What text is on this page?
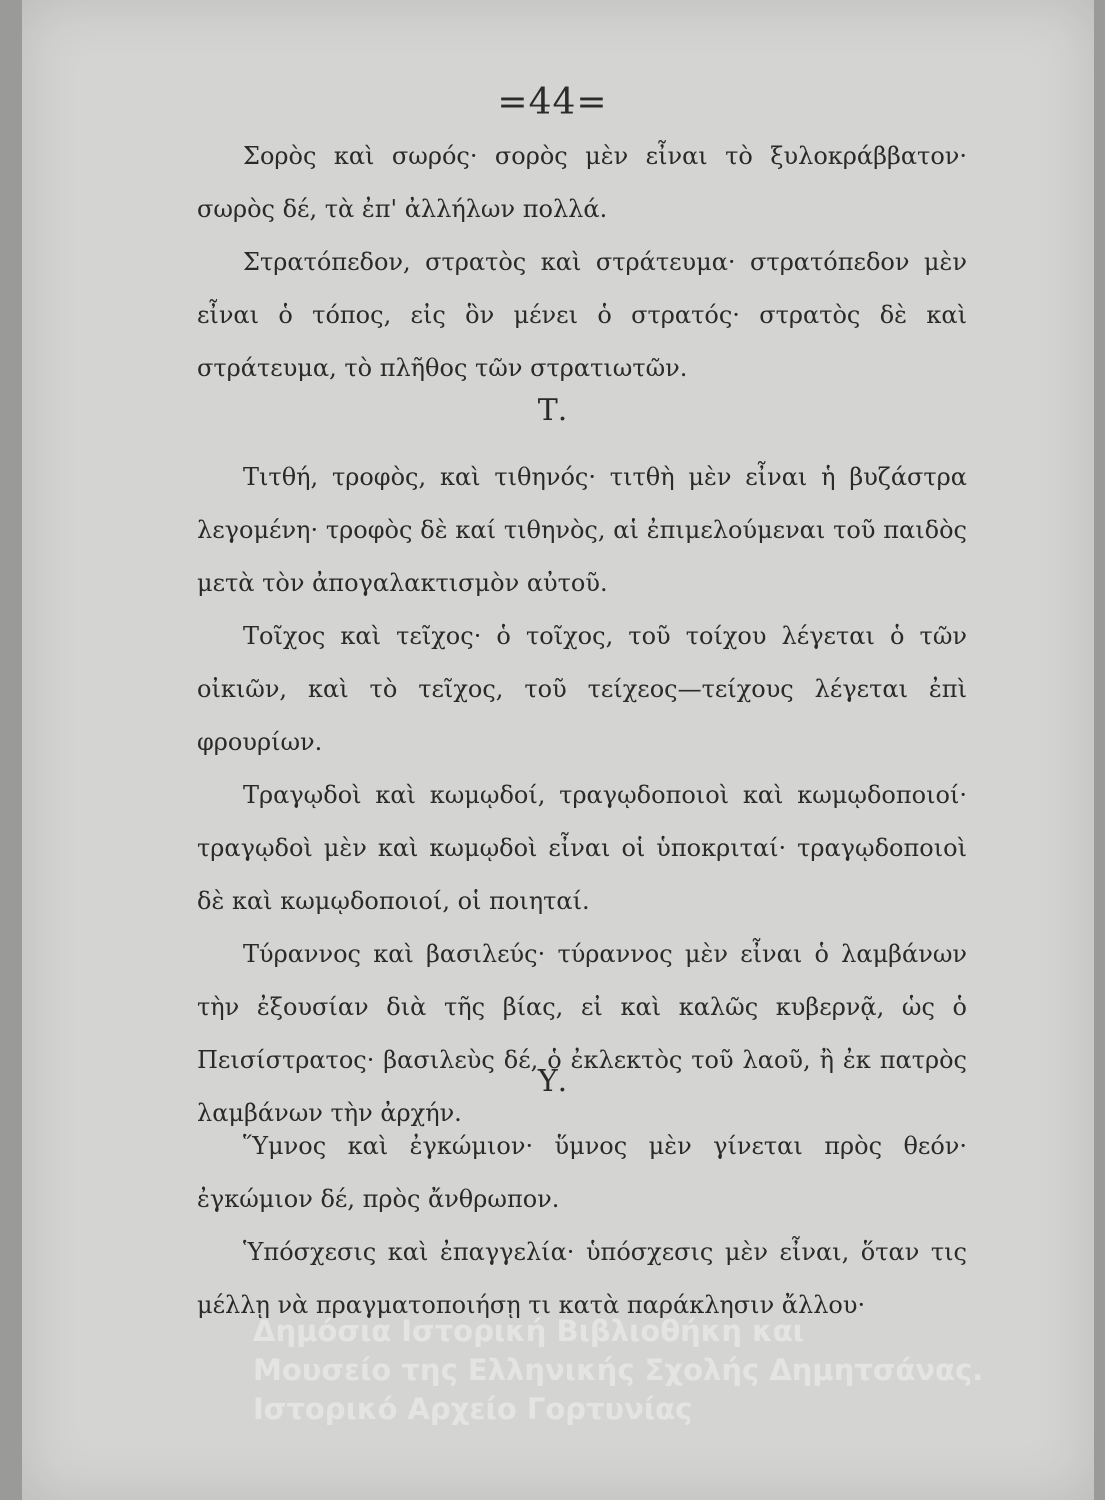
=44=

Σορὸς καὶ σωρός· σορὸς μὲν εἶναι τὸ ξυλοκράββατον· σωρὸς δέ, τὰ ἐπ' ἀλλήλων πολλά.

Στρατόπεδον, στρατὸς καὶ στράτευμα· στρατόπεδον μὲν εἶναι ὁ τόπος, εἰς ὃν μένει ὁ στρατός· στρατὸς δὲ καὶ στράτευμα, τὸ πλῆθος τῶν στρατιωτῶν.

Τ.

Τιτθή, τροφὸς, καὶ τιθηνός· τιτθὴ μὲν εἶναι ἡ βυζάστρα λεγομένη· τροφὸς δὲ καί τιθηνὸς, αἱ ἐπιμελούμεναι τοῦ παιδὸς μετὰ τὸν ἀπογαλακτισμὸν αὐτοῦ.

Τοῖχος καὶ τεῖχος· ὁ τοῖχος, τοῦ τοίχου λέγεται ὁ τῶν οἰκιῶν, καὶ τὸ τεῖχος, τοῦ τείχεος—τείχους λέγεται ἐπὶ φρουρίων.

Τραγῳδοὶ καὶ κωμῳδοί, τραγῳδοποιοὶ καὶ κωμῳδοποιοί· τραγῳδοὶ μὲν καὶ κωμῳδοὶ εἶναι οἱ ὑποκριταί· τραγῳδοποιοὶ δὲ καὶ κωμῳδοποιοί, οἱ ποιηταί.

Τύραννος καὶ βασιλεύς· τύραννος μὲν εἶναι ὁ λαμβάνων τὴν ἐξουσίαν διὰ τῆς βίας, εἰ καὶ καλῶς κυβερνᾷ, ὡς ὁ Πεισίστρατος· βασιλεὺς δέ, ὁ ἐκλεκτὸς τοῦ λαοῦ, ἢ ἐκ πατρὸς λαμβάνων τὴν ἀρχήν.

Υ.

Ὕμνος καὶ ἐγκώμιον· ὕμνος μὲν γίνεται πρὸς θεόν· ἐγκώμιον δέ, πρὸς ἄνθρωπον.

Ὑπόσχεσις καὶ ἐπαγγελία· ὑπόσχεσις μὲν εἶναι, ὅταν τις μέλλῃ νὰ πραγματοποιήσῃ τι κατὰ παράκλησιν ἄλλου·

Δημόσια Ιστορική Βιβλιοθήκη και
Μουσείο της Ελληνικής Σχολής Δημητσάνας.
Ιστορικό Αρχείο Γορτυνίας
